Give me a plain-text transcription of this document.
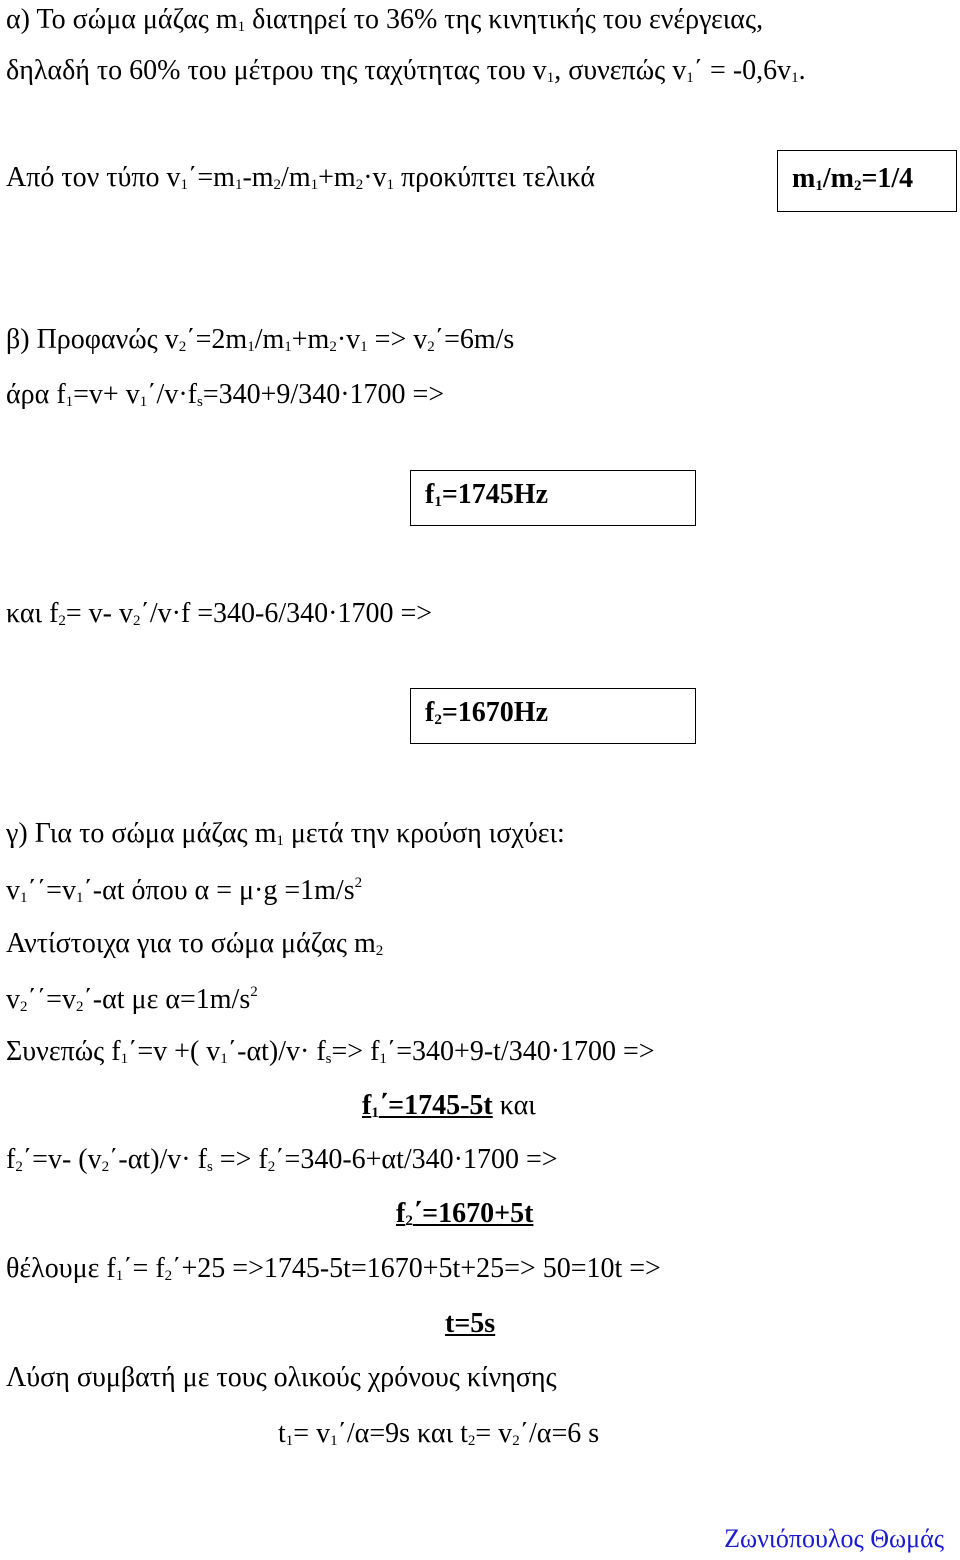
α) Το σώμα μάζας $m_1$ διατηρεί το 36% της κινητικής του ενέργειας,
δηλαδή το 60% του μέτρου της ταχύτητας του $v_1$, συνεπώς $v_1΄ = -0,6v_1$.
Από τον τύπο $v_1΄=m_1-m_2/m_1+m_2\cdot v_1$ προκύπτει τελικά	$m_1/m_2=1/4$
β) Προφανώς $v_2΄=2m_1/m_1+m_2\cdot v_1 => v_2΄=6m/s$
άρα $f_1=v+ v_1΄/v\cdot f_s=340+9/340\cdot 1700$ =>
$f_1=1745Hz$
και $f_2= v-$ $v_2΄/v\cdot f =340-6/340\cdot 1700$ =>
$f_2=1670Hz$
γ) Για το σώμα μάζας $m_1$ μετά την κρούση ισχύει:
$v_1΄΄=v_1΄-\alpha t$ όπου $\alpha = \mu\cdot g =1m/s^2$
Αντίστοιχα για το σώμα μάζας $m_2$
$v_2΄΄=v_2΄-\alpha t$ με $\alpha=1m/s^2$
Συνεπώς $f_1΄=v$ +( $v_1΄-\alpha t)/v\cdot f_s=> f_1΄=340+9-t/340\cdot 1700$ =>
$f_1΄=1745-5t$ και
$f_2΄=v-$ $(v_2΄-\alpha t)/v\cdot f_s => f_2΄=340-6+\alpha t/340\cdot 1700$ =>
$f_2΄=1670+5t$
θέλουμε $f_1΄= f_2΄+25 =>1745-5t=1670+5t+25=> 50=10t$ =>
t=5s
Λύση συμβατή με τους ολικούς χρόνους κίνησης
$t_1= v_1΄/\alpha=9s$ και $t_2= v_2΄/\alpha=6$ s
Ζωνιόπουλος Θωμάς
